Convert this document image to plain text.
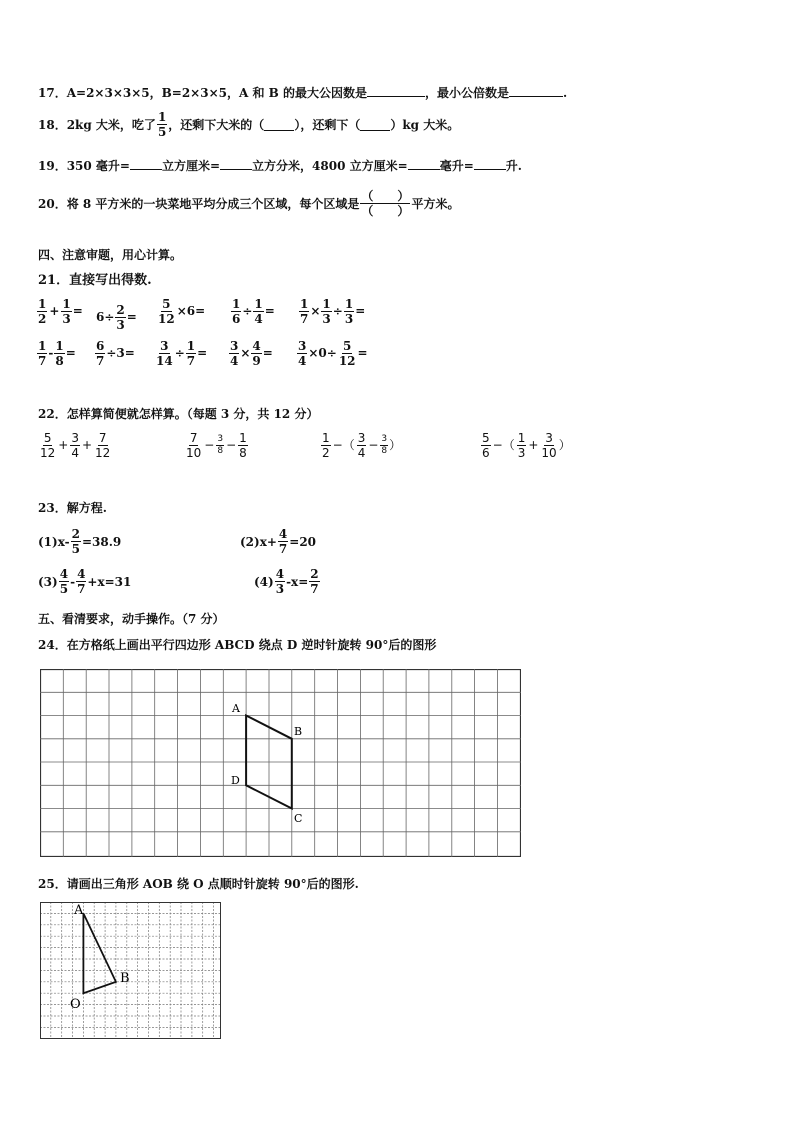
17．A=2×3×3×5，B=2×3×5，A 和 B 的最大公因数是	，最小公倍数是	.
18．2kg 大米，吃了 $\frac{1}{5}$ ，还剩下大米的（	），还剩下（	）kg 大米。
19．350 毫升=	立方厘米=	立方分米，4800 立方厘米=	毫升=	升.
20．将 8 平方米的一块菜地平均分成三个区域，每个区域是 $\frac{( )}{( )}$ 平方米。
四、注意审题，用心计算。
21．直接写出得数.
$\frac{1}{2} + \frac{1}{3} = 6\div \frac{2}{3} = \frac{5}{12} \times 6= \frac{1}{6} \div \frac{1}{4} = \frac{1}{7} \times \frac{1}{3} \div \frac{1}{3}$ =
$\frac{1}{7} - \frac{1}{8} = \frac{6}{7} \div 3= \frac{3}{14} \div \frac{1}{7} = \frac{3}{4} \times \frac{4}{9} = \frac{3}{4} \times 0\div \frac{5}{12}$ =
22．怎样算简便就怎样算。（每题 3 分，共 12 分）
$\frac{5}{12} + \frac{3}{4} + \frac{7}{12}$	$\frac{7}{10} - \frac{3}{8} - \frac{1}{8}$	$\frac{1}{2}$ −（ $\frac{3}{4} - \frac{3}{8}$ ）	$\frac{5}{6}$ −（ $\frac{1}{3} + \frac{3}{10}$ ）
23．解方程.
$(1)x- \frac{2}{5} =38.9$	$(2)x+ \frac{4}{7} =20$
$(3) \frac{4}{5} - \frac{4}{7} +x=31$	$(4) \frac{4}{3} -x= \frac{2}{7}$
五、看清要求，动手操作。（7 分）
24．在方格纸上画出平行四边形 ABCD 绕点 D 逆时针旋转 90°后的图形
A
B
C
D
25．请画出三角形 AOB 绕 O 点顺时针旋转 90°后的图形.
A
B
O
